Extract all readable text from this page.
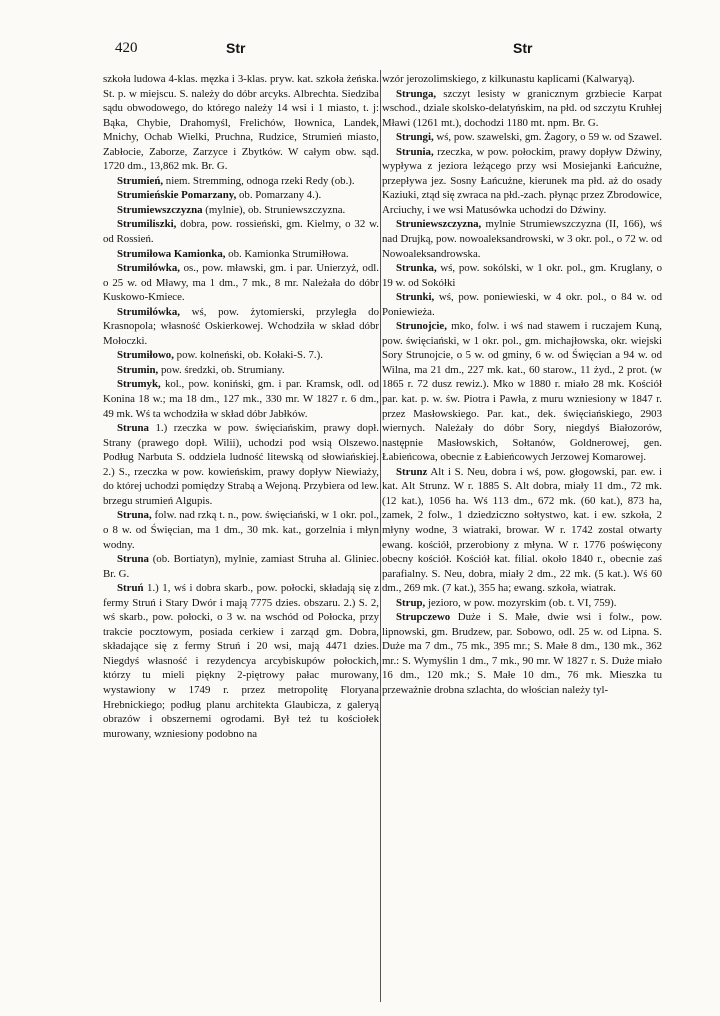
420	Str	Str

szkoła ludowa 4-klas. męzka i 3-klas. pryw. kat. szkoła żeńska. St. p. w miejscu. S. należy do dóbr arcyks. Albrechta. Siedziba sądu obwodowego, do którego należy 14 wsi i 1 miasto, t. j: Bąka, Chybie, Drahomyśl, Frelichów, Iłownica, Landek, Mnichy, Ochab Wielki, Pruchna, Rudzice, Strumień miasto, Zabłocie, Zaborze, Zarzyce i Zbytków. W całym obw. sąd. 1720 dm., 13,862 mk. Br. G.

Strumień, niem. Stremming, odnoga rzeki Redy (ob.).

Strumieńskie Pomarzany, ob. Pomarzany 4.).

Strumiewszczyzna (mylnie), ob. Struniewszczyzna.

Strumiliszki, dobra, pow. rossieński, gm. Kielmy, o 32 w. od Rossień.

Strumiłowa Kamionka, ob. Kamionka Strumiłłowa.

Strumiłówka, os., pow. mławski, gm. i par. Unierzyż, odl. o 25 w. od Mławy, ma 1 dm., 7 mk., 8 mr. Należała do dóbr Kuskowo-Kmiece.

Strumiłówka, wś, pow. żytomierski, przyległa do Krasnopola; własność Oskierkowej. Wchodziła w skład dóbr Mołoczki.

Strumiłowo, pow. kolneński, ob. Kołaki-S. 7.).

Strumin, pow. średzki, ob. Strumiany.

Strumyk, kol., pow. koniński, gm. i par. Kramsk, odl. od Konina 18 w.; ma 18 dm., 127 mk., 330 mr. W 1827 r. 6 dm., 49 mk. Wś ta wchodziła w skład dóbr Jabłków.

Struna 1.) rzeczka w pow. święciańskim, prawy dopł. Strany (prawego dopł. Wilii), uchodzi pod wsią Olszewo. Podług Narbuta S. oddziela ludność litewską od słowiańskiej. 2.) S., rzeczka w pow. kowieńskim, prawy dopływ Niewiaży, do której uchodzi pomiędzy Strabą a Wejoną. Przybiera od lew. brzegu strumień Algupis.

Struna, folw. nad rzką t. n., pow. święciański, w 1 okr. pol., o 8 w. od Święcian, ma 1 dm., 30 mk. kat., gorzelnia i młyn wodny.

Struna (ob. Bortiatyn), mylnie, zamiast Struha al. Gliniec. Br. G.

Struń 1.) 1, wś i dobra skarb., pow. połocki, składają się z fermy Struń i Stary Dwór i mają 7775 dzies. obszaru. 2.) S. 2, wś skarb., pow. połocki, o 3 w. na wschód od Połocka, przy trakcie pocztowym, posiada cerkiew i zarząd gm. Dobra, składające się z fermy Struń i 20 wsi, mają 4471 dzies. Niegdyś własność i rezydencya arcybiskupów połockich, którzy tu mieli piękny 2-piętrowy pałac murowany, wystawiony w 1749 r. przez metropolitę Floryana Hrebnickiego; podług planu architekta Glaubicza, z galeryą obrazów i obszernemi ogrodami. Był też tu kościołek murowany, wzniesiony podobno na

wzór jerozolimskiego, z kilkunastu kaplicami (Kalwaryą).

Strunga, szczyt lesisty w granicznym grzbiecie Karpat wschod., dziale skolsko-delatyńskim, na płd. od szczytu Kruhłej Mławi (1261 mt.), dochodzi 1180 mt. npm. Br. G.

Strungi, wś, pow. szawelski, gm. Żagory, o 59 w. od Szawel.

Strunia, rzeczka, w pow. połockim, prawy dopływ Dźwiny, wypływa z jeziora leżącego przy wsi Mosiejanki Łańcużne, przepływa jez. Sosny Łańcużne, kierunek ma płd. aż do osady Kaziuki, ztąd się zwraca na płd.-zach. płynąc przez Zbrodowice, Arciuchy, i we wsi Matusówka uchodzi do Dźwiny.

Struniewszczyzna, mylnie Strumiewszczyzna (II, 166), wś nad Drujką, pow. nowoaleksandrowski, w 3 okr. pol., o 72 w. od Nowoaleksandrowska.

Strunka, wś, pow. sokólski, w 1 okr. pol., gm. Kruglany, o 19 w. od Sokółki

Strunki, wś, pow. poniewieski, w 4 okr. pol., o 84 w. od Poniewieża.

Strunojcie, mko, folw. i wś nad stawem i ruczajem Kuną, pow. święciański, w 1 okr. pol., gm. michajłowska, okr. wiejski Sory Strunojcie, o 5 w. od gminy, 6 w. od Święcian a 94 w. od Wilna, ma 21 dm., 227 mk. kat., 60 starow., 11 żyd., 2 prot. (w 1865 r. 72 dusz rewiz.). Mko w 1880 r. miało 28 mk. Kościół par. kat. p. w. św. Piotra i Pawła, z muru wzniesiony w 1847 r. przez Masłowskiego. Par. kat., dek. święciańskiego, 2903 wiernych. Należały do dóbr Sory, niegdyś Białozorów, następnie Masłowskich, Sołtanów, Goldnerowej, gen. Łabieńcowa, obecnie z Łabieńcowych Jerzowej Komarowej.

Strunz Alt i S. Neu, dobra i wś, pow. głogowski, par. ew. i kat. Alt Strunz. W r. 1885 S. Alt dobra, miały 11 dm., 72 mk. (12 kat.), 1056 ha. Wś 113 dm., 672 mk. (60 kat.), 873 ha, zamek, 2 folw., 1 dziedziczno sołtystwo, kat. i ew. szkoła, 2 młyny wodne, 3 wiatraki, browar. W r. 1742 zostal otwarty ewang. kościół, przerobiony z młyna. W r. 1776 poświęcony obecny kościół. Kościół kat. filial. około 1840 r., obecnie zaś parafialny. S. Neu, dobra, miały 2 dm., 22 mk. (5 kat.). Wś 60 dm., 269 mk. (7 kat.), 355 ha; ewang. szkoła, wiatrak.

Strup, jezioro, w pow. mozyrskim (ob. t. VI, 759).

Strupczewo Duże i S. Małe, dwie wsi i folw., pow. lipnowski, gm. Brudzew, par. Sobowo, odl. 25 w. od Lipna. S. Duże ma 7 dm., 75 mk., 395 mr.; S. Małe 8 dm., 130 mk., 362 mr.: S. Wymyślin 1 dm., 7 mk., 90 mr. W 1827 r. S. Duże miało 16 dm., 120 mk.; S. Małe 10 dm., 76 mk. Mieszka tu przeważnie drobna szlachta, do włościan należy tyl-
